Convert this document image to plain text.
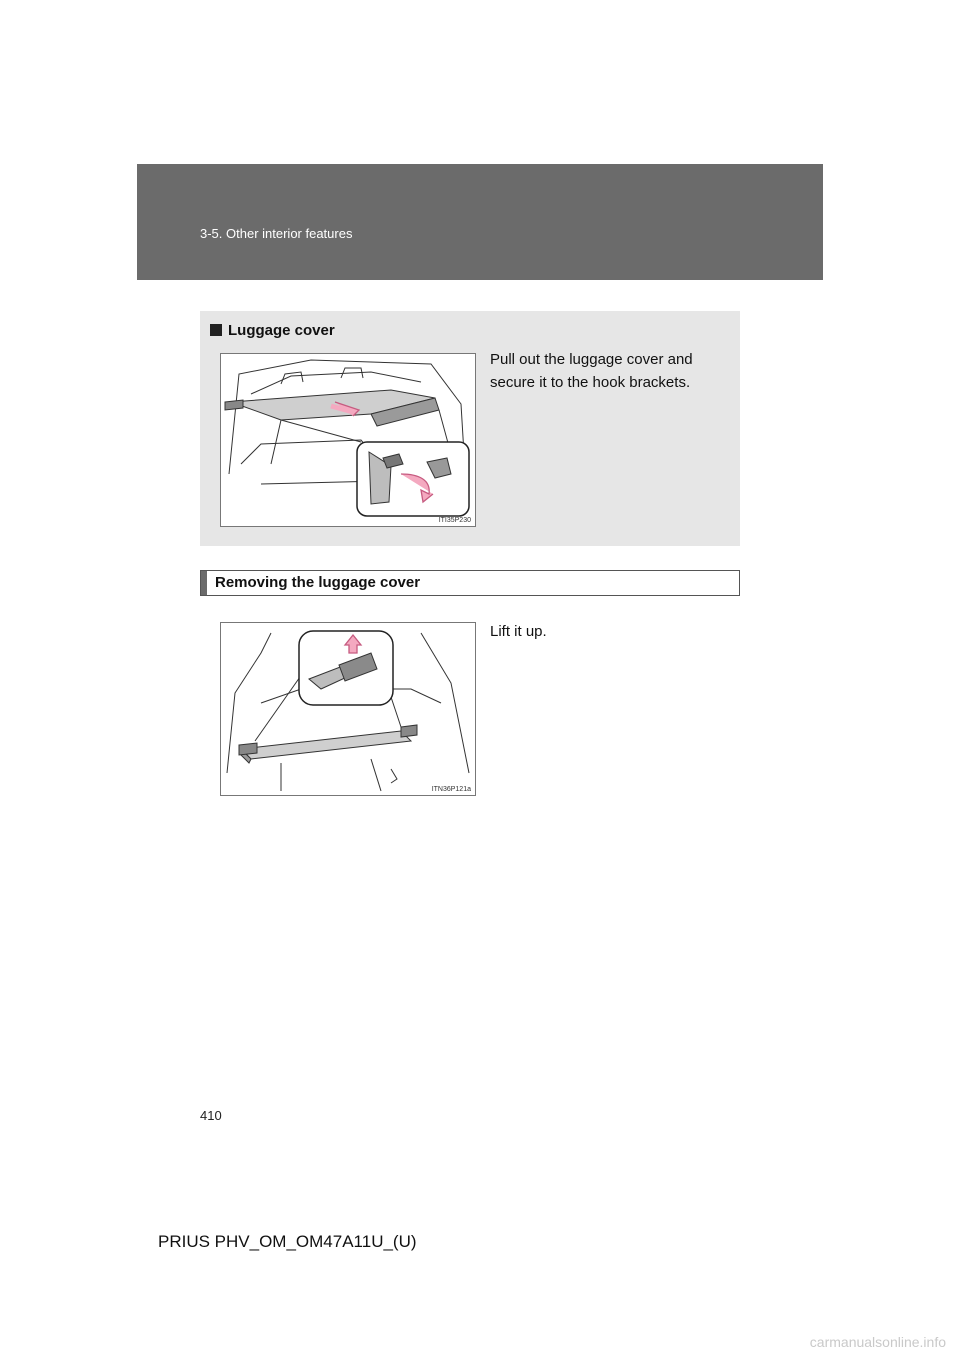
3-5. Other interior features
Luggage cover
ITI35P230
Pull out the luggage cover and
secure it to the hook brackets.
Removing the luggage cover
ITN36P121a
Lift it up.
410
PRIUS PHV_OM_OM47A11U_(U)
carmanualsonline.info
